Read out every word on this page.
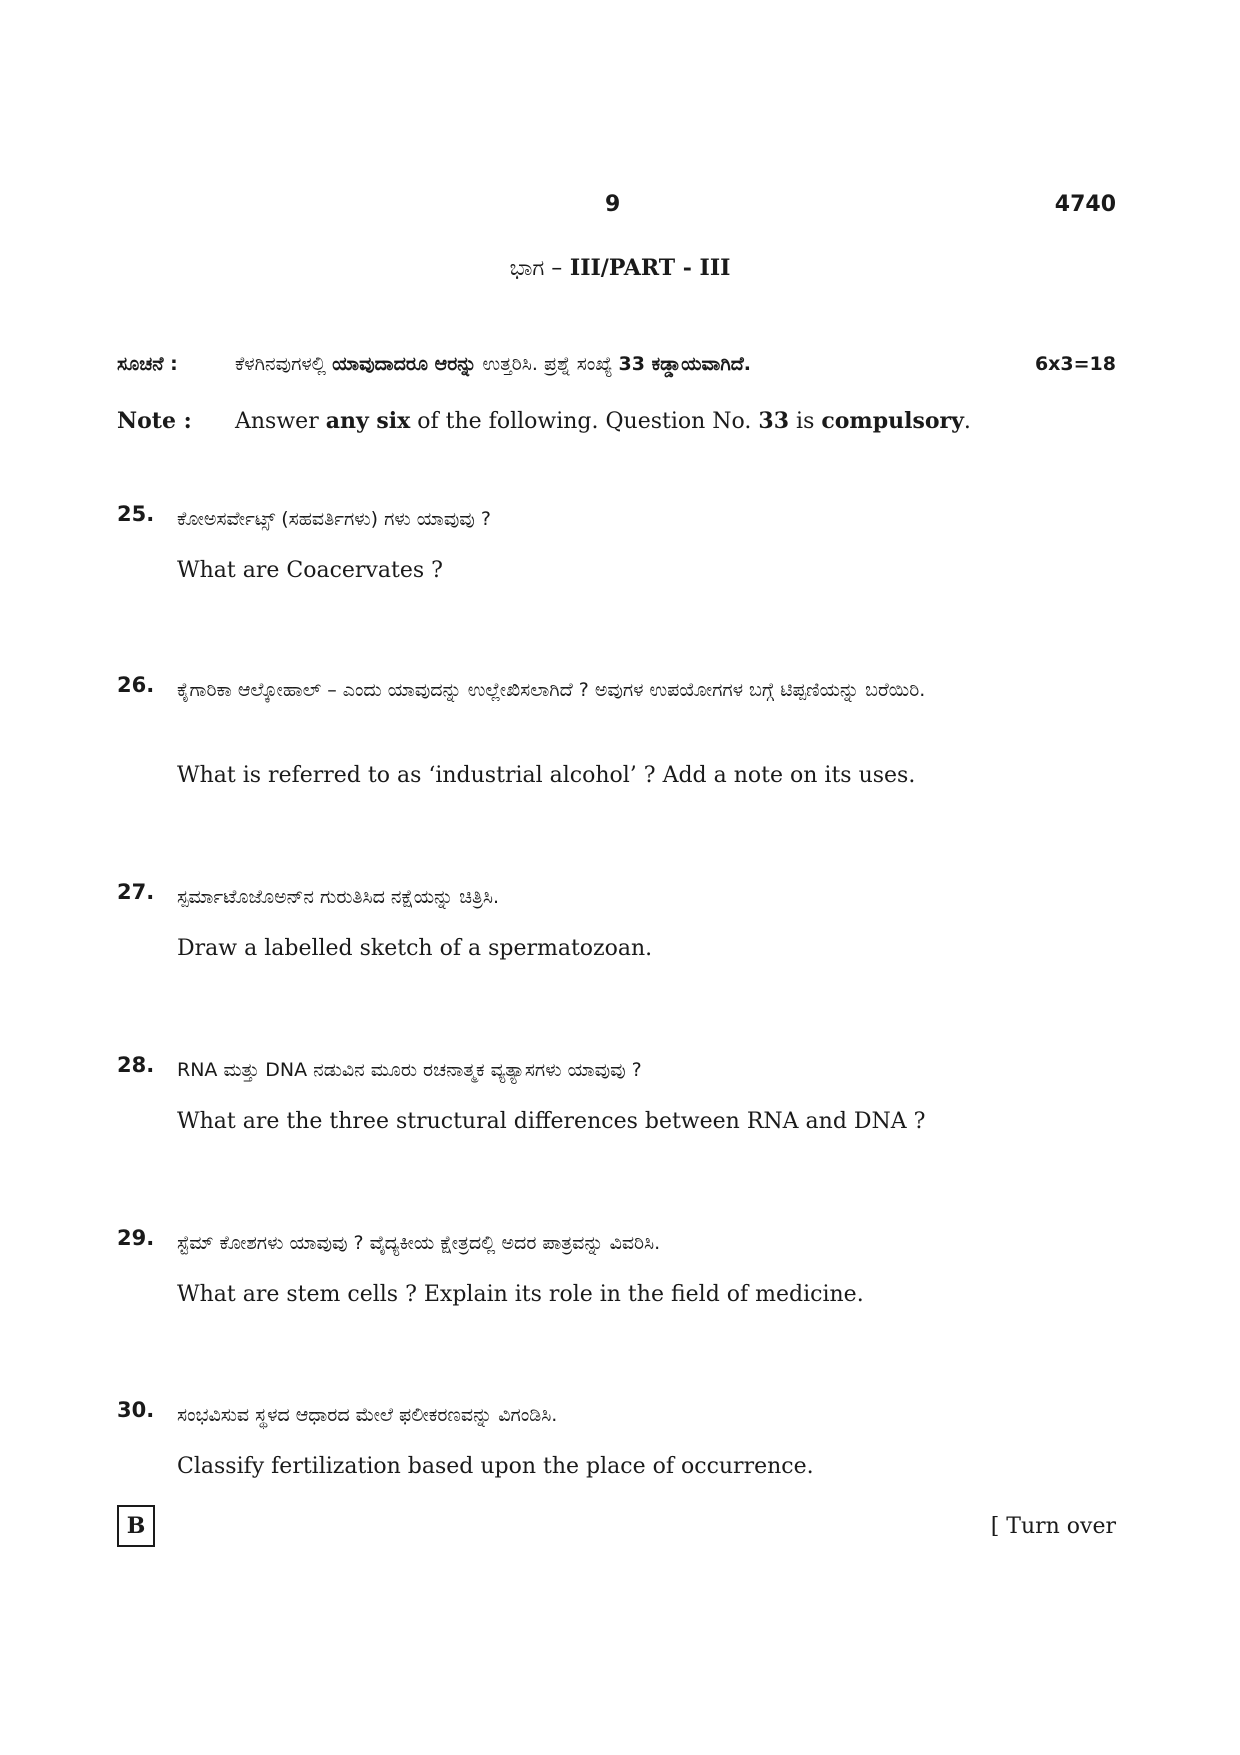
9	4740
ಭಾಗ – III/PART - III
ಸೂಚನೆ :	ಕೆಳಗಿನವುಗಳಲ್ಲಿ ಯಾವುದಾದರೂ ಆರನ್ನು ಉತ್ತರಿಸಿ. ಪ್ರಶ್ನೆ ಸಂಖ್ಯೆ 33 ಕಡ್ಡಾಯವಾಗಿದೆ.	6x3=18
Note : Answer any six of the following. Question No. 33 is compulsory.
25. ಕೋಅಸರ್ವೇಟ್ಸ್ (ಸಹವರ್ತಿಗಳು) ಗಳು ಯಾವುವು ?
What are Coacervates ?
26. ಕೈಗಾರಿಕಾ ಆಲ್ಕೋಹಾಲ್ – ಎಂದು ಯಾವುದನ್ನು ಉಲ್ಲೇಖಿಸಲಾಗಿದೆ ? ಅವುಗಳ ಉಪಯೋಗಗಳ ಬಗ್ಗೆ ಟಿಪ್ಪಣಿಯನ್ನು ಬರೆಯಿರಿ.
What is referred to as ‘industrial alcohol’ ? Add a note on its uses.
27. ಸ್ಪರ್ಮಾಟೊಜೊಅನ್‌ನ ಗುರುತಿಸಿದ ನಕ್ಷೆಯನ್ನು ಚಿತ್ರಿಸಿ.
Draw a labelled sketch of a spermatozoan.
28. RNA ಮತ್ತು DNA ನಡುವಿನ ಮೂರು ರಚನಾತ್ಮಕ ವ್ಯತ್ಯಾಸಗಳು ಯಾವುವು ?
What are the three structural differences between RNA and DNA ?
29. ಸ್ಟೆಮ್ ಕೋಶಗಳು ಯಾವುವು ? ವೈದ್ಯಕೀಯ ಕ್ಷೇತ್ರದಲ್ಲಿ ಅದರ ಪಾತ್ರವನ್ನು ವಿವರಿಸಿ.
What are stem cells ? Explain its role in the field of medicine.
30. ಸಂಭವಿಸುವ ಸ್ಥಳದ ಆಧಾರದ ಮೇಲೆ ಫಲೀಕರಣವನ್ನು ವಿಗಂಡಿಸಿ.
Classify fertilization based upon the place of occurrence.
B	[ Turn over
